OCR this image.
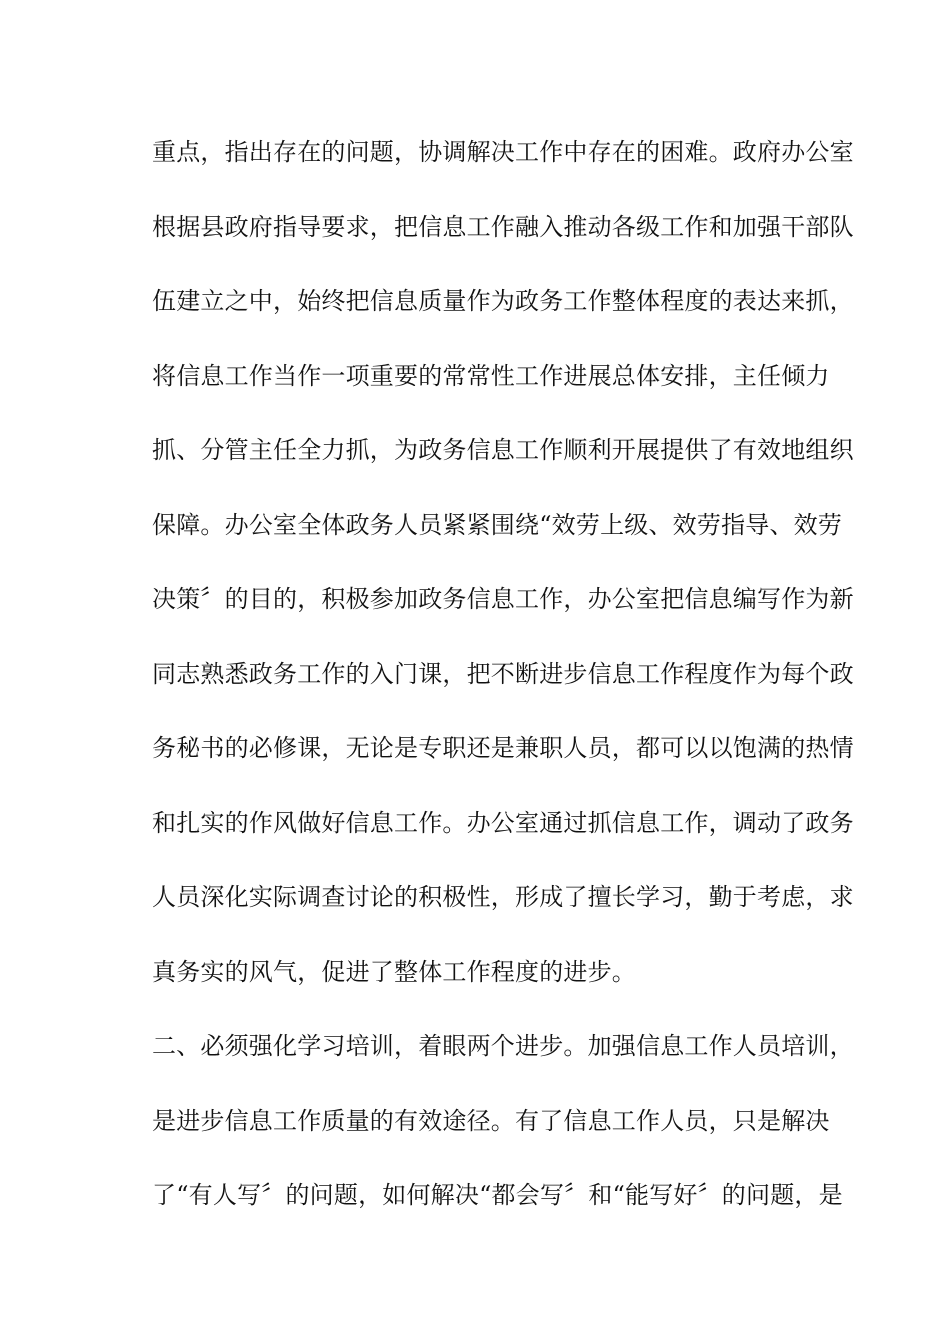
重点，指出存在的问题，协调解决工作中存在的困难。政府办公室
根据县政府指导要求，把信息工作融入推动各级工作和加强干部队
伍建立之中，始终把信息质量作为政务工作整体程度的表达来抓，
将信息工作当作一项重要的常常性工作进展总体安排，主任倾力
抓、分管主任全力抓，为政务信息工作顺利开展提供了有效地组织
保障。办公室全体政务人员紧紧围绕“效劳上级、效劳指导、效劳
决策〞的目的，积极参加政务信息工作，办公室把信息编写作为新
同志熟悉政务工作的入门课，把不断进步信息工作程度作为每个政
务秘书的必修课，无论是专职还是兼职人员，都可以以饱满的热情
和扎实的作风做好信息工作。办公室通过抓信息工作，调动了政务
人员深化实际调查讨论的积极性，形成了擅长学习，勤于考虑，求
真务实的风气，促进了整体工作程度的进步。
二、必须强化学习培训，着眼两个进步。加强信息工作人员培训，
是进步信息工作质量的有效途径。有了信息工作人员，只是解决
了“有人写〞的问题，如何解决“都会写〞和“能写好〞的问题，是
